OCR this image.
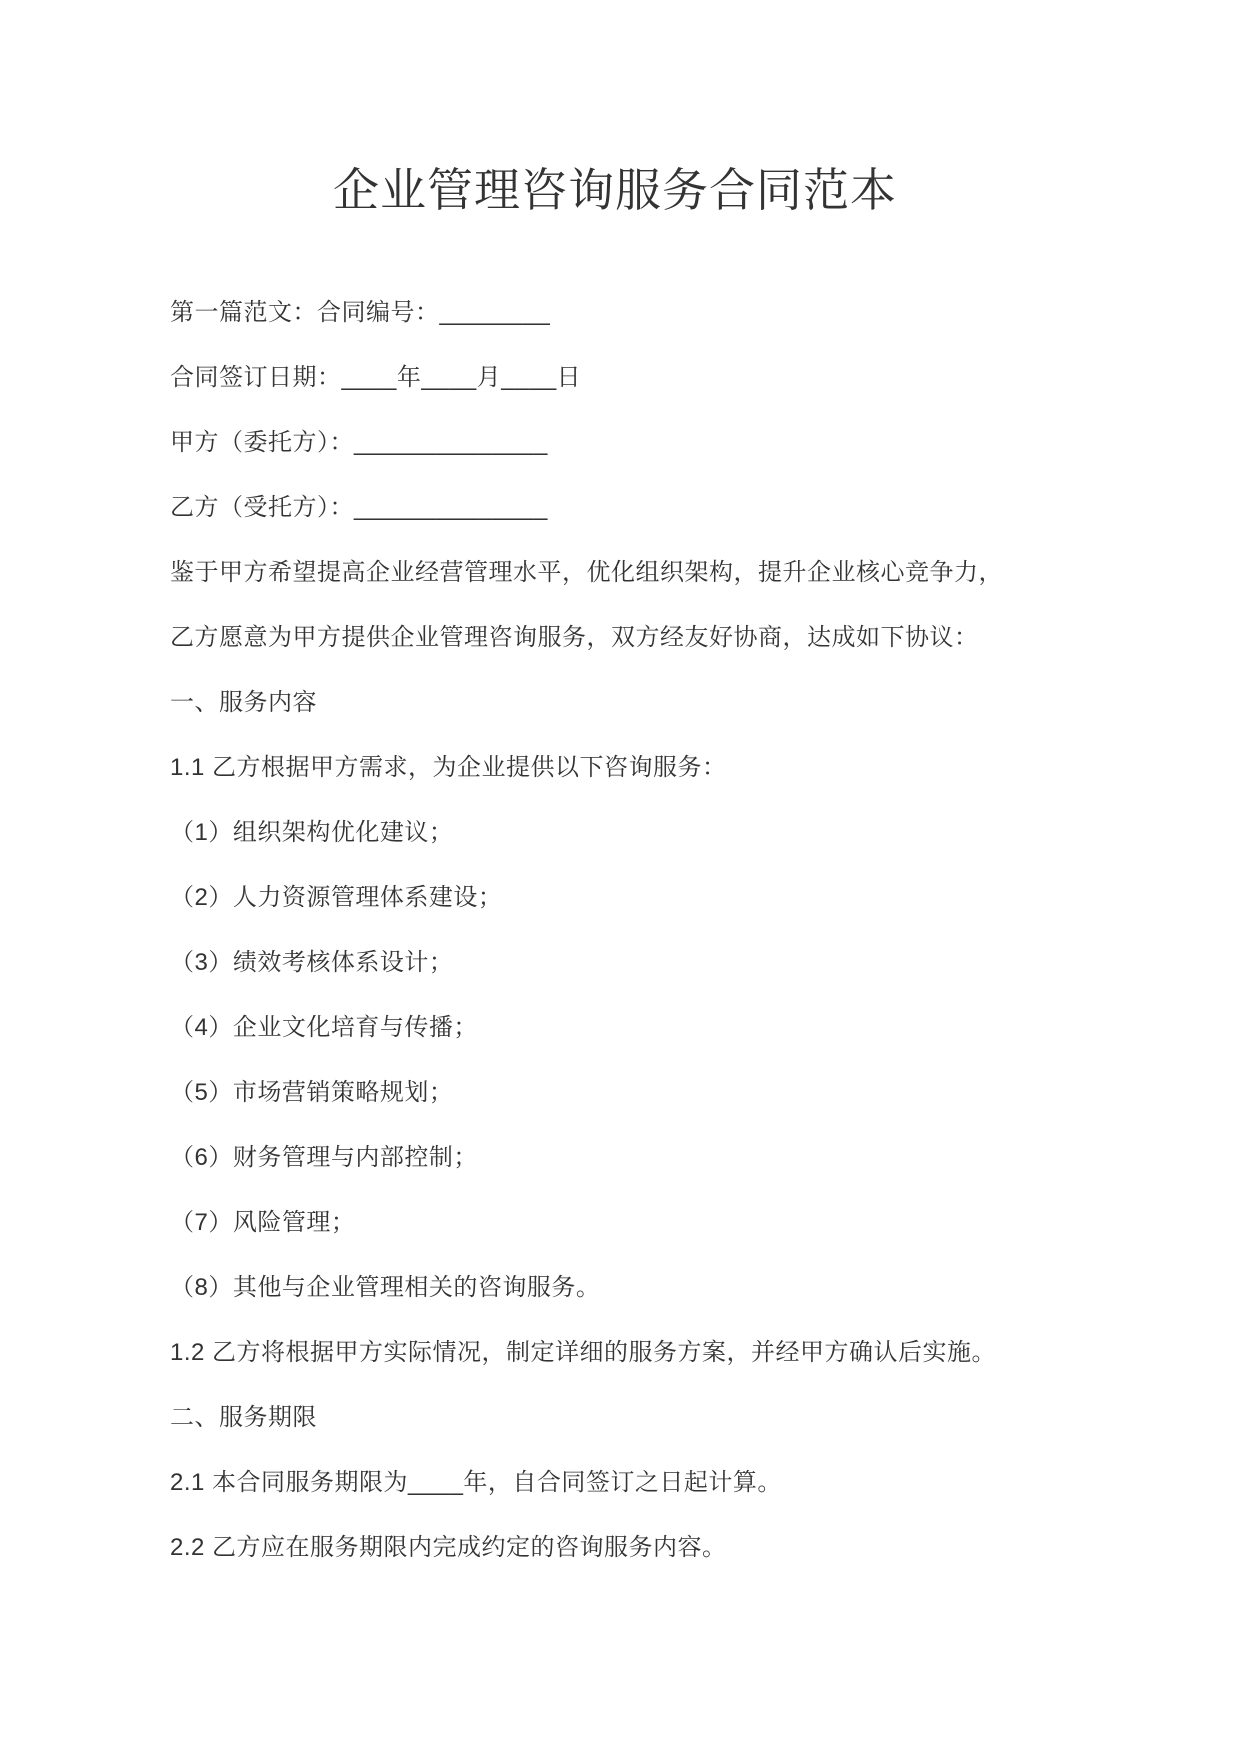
企业管理咨询服务合同范本

第一篇范文：合同编号：________

合同签订日期：____年____月____日

甲方（委托方）：______________

乙方（受托方）：______________

鉴于甲方希望提高企业经营管理水平，优化组织架构，提升企业核心竞争力，

乙方愿意为甲方提供企业管理咨询服务，双方经友好协商，达成如下协议：

一、服务内容

1.1 乙方根据甲方需求，为企业提供以下咨询服务：

（1）组织架构优化建议；

（2）人力资源管理体系建设；

（3）绩效考核体系设计；

（4）企业文化培育与传播；

（5）市场营销策略规划；

（6）财务管理与内部控制；

（7）风险管理；

（8）其他与企业管理相关的咨询服务。

1.2 乙方将根据甲方实际情况，制定详细的服务方案，并经甲方确认后实施。

二、服务期限

2.1 本合同服务期限为____年，自合同签订之日起计算。

2.2 乙方应在服务期限内完成约定的咨询服务内容。
